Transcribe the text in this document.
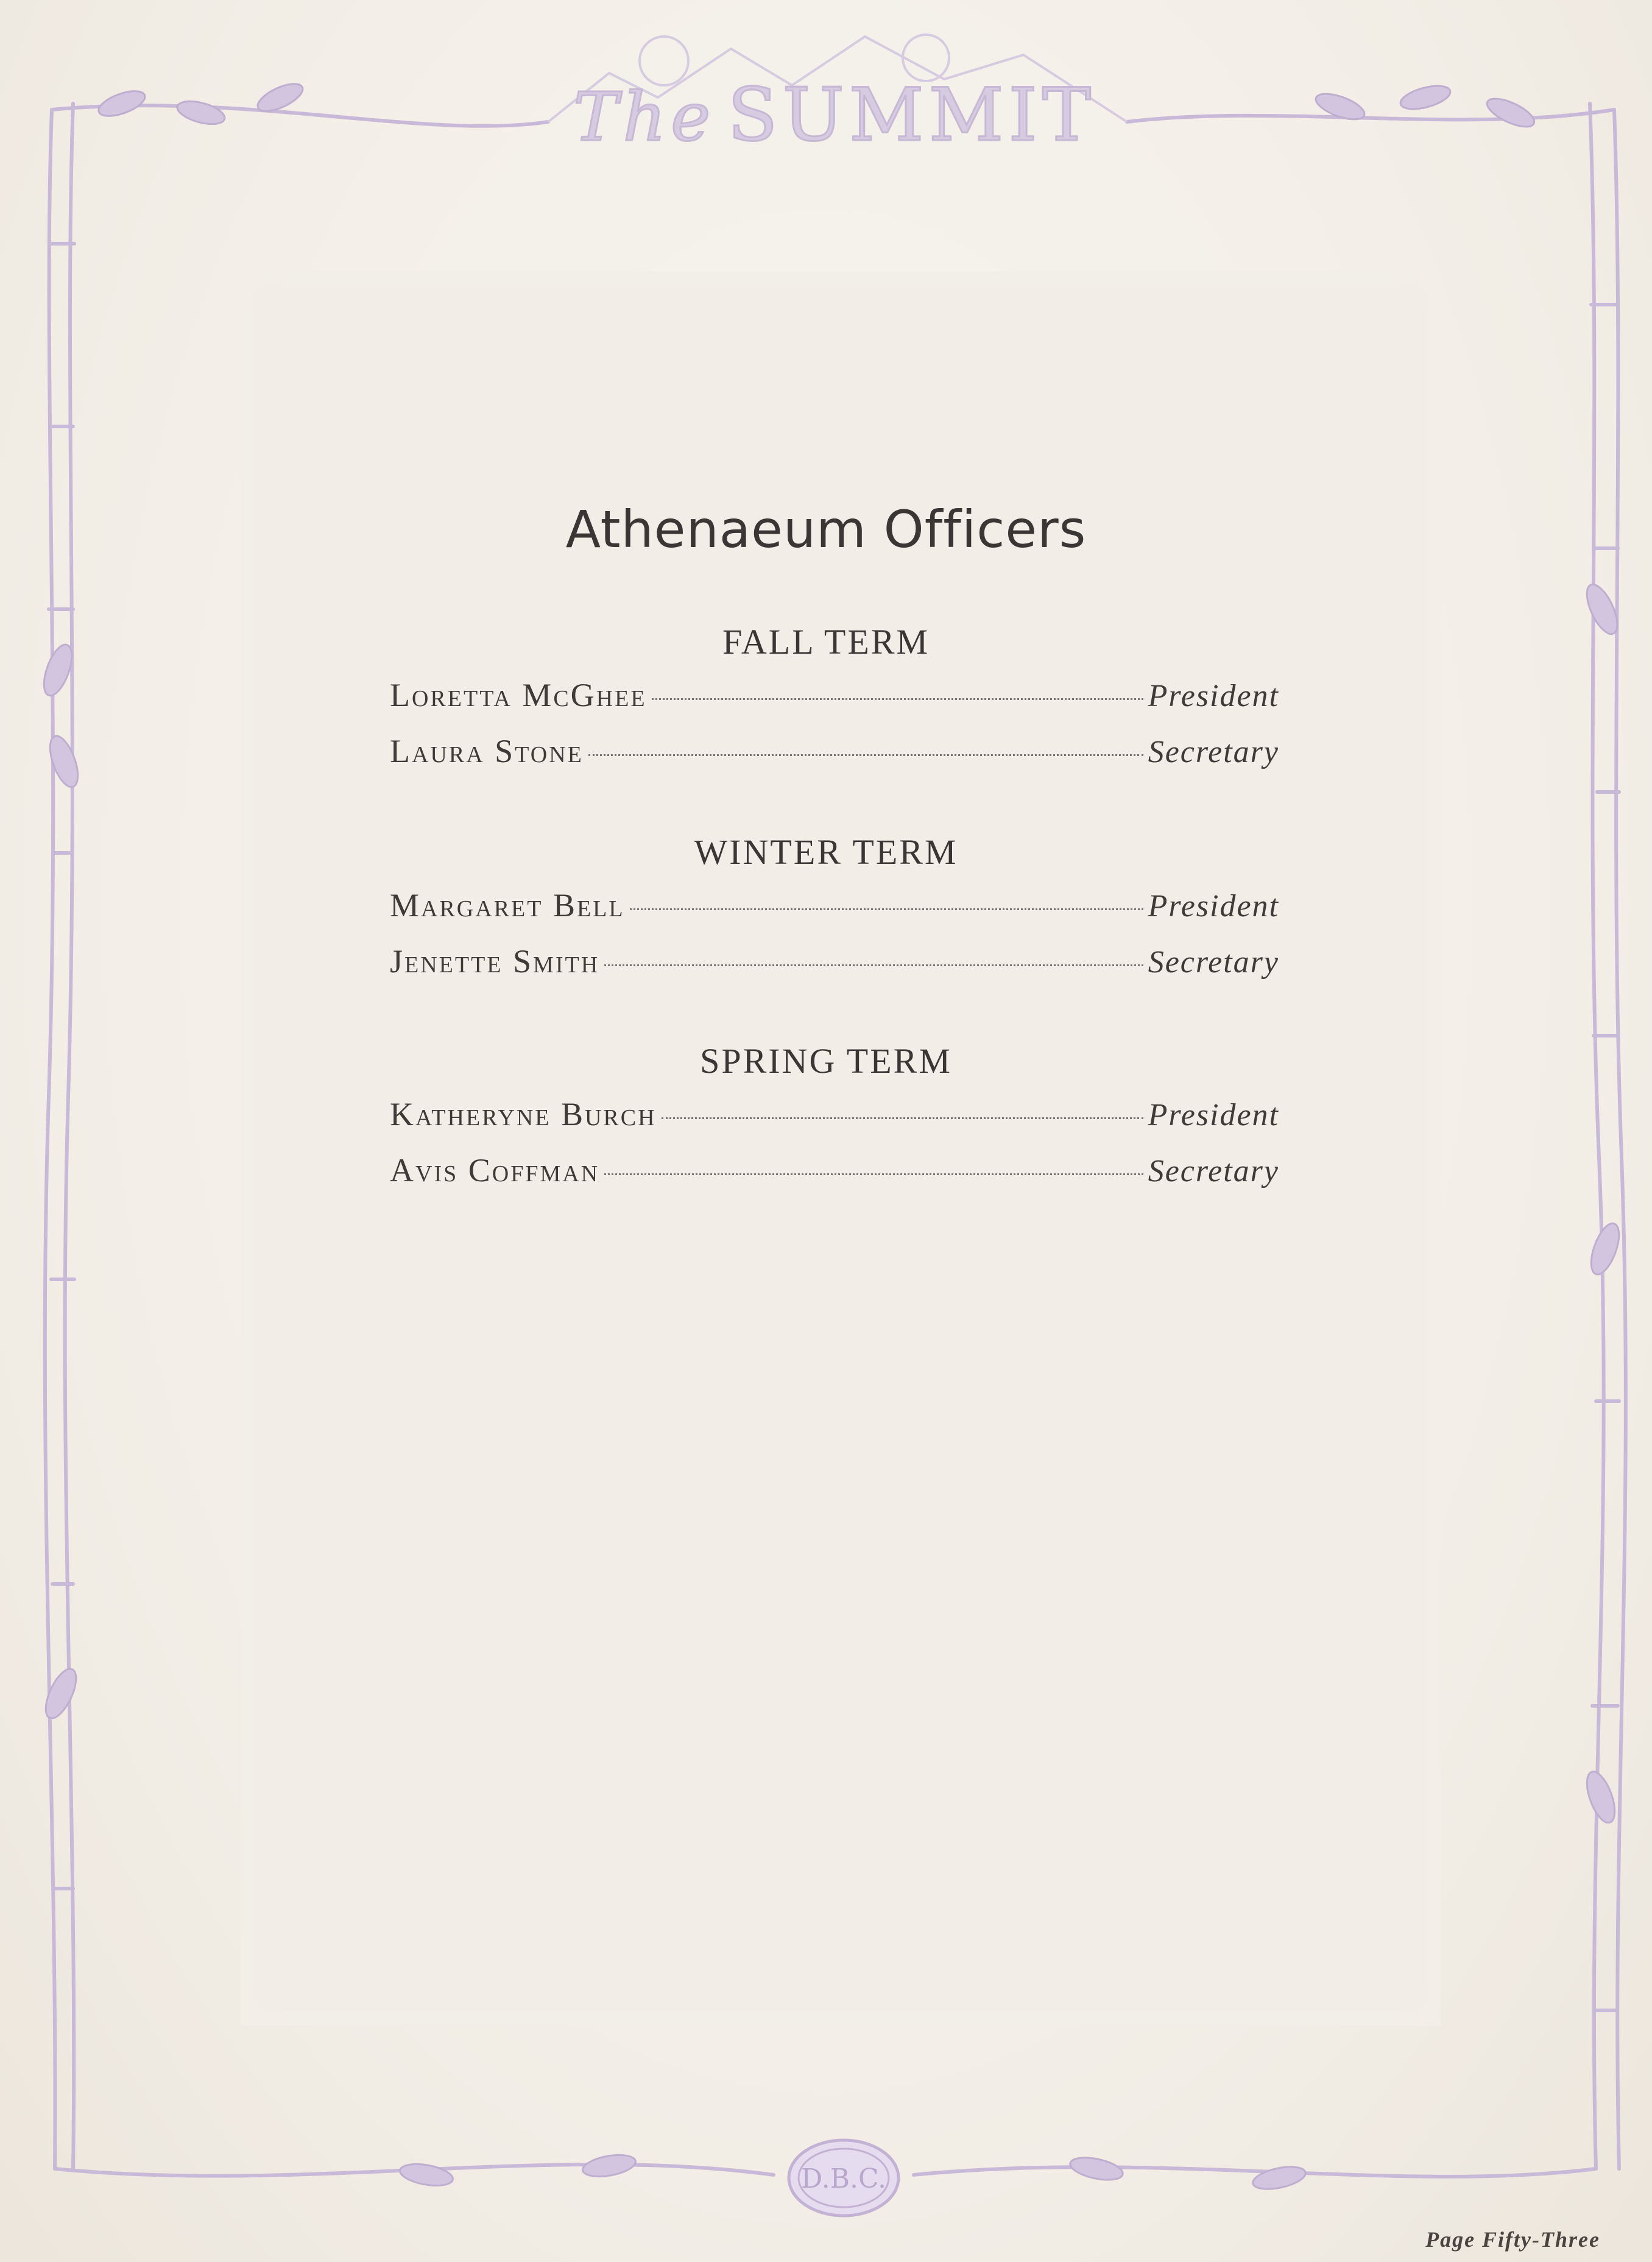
The SUMMIT
Athenaeum Officers
FALL TERM
Loretta McGhee	President
Laura Stone	Secretary
WINTER TERM
Margaret Bell	President
Jenette Smith	Secretary
SPRING TERM
Katheryne Burch	President
Avis Coffman	Secretary
D.B.C.
Page Fifty-Three
